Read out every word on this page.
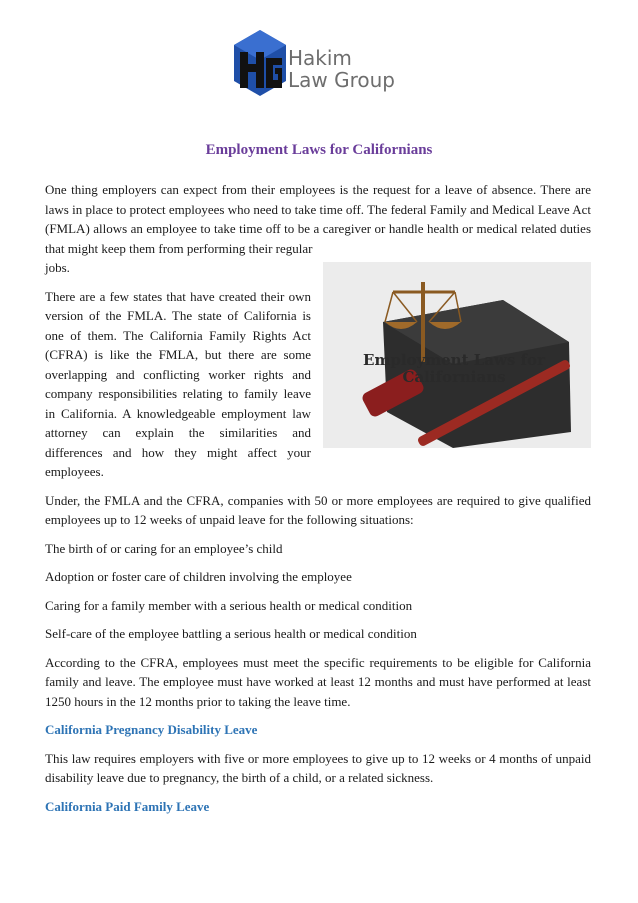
Hakim
Law Group
Employment Laws for Californians

One thing employers can expect from their employees is the request for a leave of absence. There are laws in place to protect employees who need to take time off. The federal Family and Medical Leave Act (FMLA) allows an employee to take time off to be a caregiver or handle health or medical related duties that might keep them from performing their regular

Employment Laws for
Californians

jobs.

There are a few states that have created their own version of the FMLA. The state of California is one of them. The California Family Rights Act (CFRA) is like the FMLA, but there are some overlapping and conflicting worker rights and company responsibilities relating to family leave in California. A knowledgeable employment law attorney can explain the similarities and differences and how they might affect your employees.

Under, the FMLA and the CFRA, companies with 50 or more employees are required to give qualified employees up to 12 weeks of unpaid leave for the following situations:

The birth of or caring for an employee’s child

Adoption or foster care of children involving the employee

Caring for a family member with a serious health or medical condition

Self-care of the employee battling a serious health or medical condition

According to the CFRA, employees must meet the specific requirements to be eligible for California family and leave. The employee must have worked at least 12 months and must have performed at least 1250 hours in the 12 months prior to taking the leave time.

California Pregnancy Disability Leave

This law requires employers with five or more employees to give up to 12 weeks or 4 months of unpaid disability leave due to pregnancy, the birth of a child, or a related sickness.

California Paid Family Leave
